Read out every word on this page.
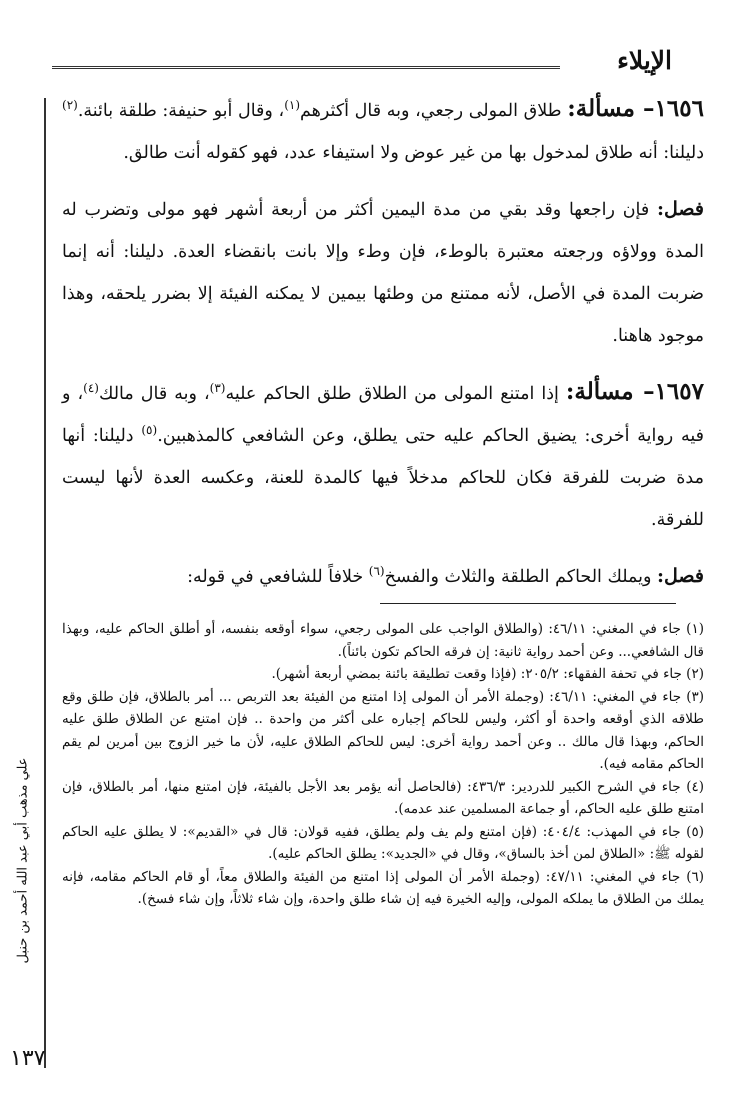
الإيلاء
علي مذهب أبي عبد الله أحمد بن حنبل

١٦٥٦– مسألة: طلاق المولى رجعي، وبه قال أكثرهم$^{(١)}$، وقال أبو حنيفة: طلقة بائنة.$^{(٢)}$ دليلنا: أنه طلاق لمدخول بها من غير عوض ولا استيفاء عدد، فهو كقوله أنت طالق.

فصل: فإن راجعها وقد بقي من مدة اليمين أكثر من أربعة أشهر فهو مولى وتضرب له المدة وولاؤه ورجعته معتبرة بالوطء، فإن وطء وإلا بانت بانقضاء العدة. دليلنا: أنه إنما ضربت المدة في الأصل، لأنه ممتنع من وطئها بيمين لا يمكنه الفيئة إلا بضرر يلحقه، وهذا موجود هاهنا.

١٦٥٧– مسألة: إذا امتنع المولى من الطلاق طلق الحاكم عليه$^{(٣)}$، وبه قال مالك$^{(٤)}$، و فيه رواية أخرى: يضيق الحاكم عليه حتى يطلق، وعن الشافعي كالمذهبين.$^{(٥)}$ دليلنا: أنها مدة ضربت للفرقة فكان للحاكم مدخلاً فيها كالمدة للعنة، وعكسه العدة لأنها ليست للفرقة.

فصل: ويملك الحاكم الطلقة والثلاث والفسخ$^{(٦)}$ خلافاً للشافعي في قوله:

(١) جاء في المغني: ٤٦/١١: (والطلاق الواجب على المولى رجعي، سواء أوقعه بنفسه، أو أطلق الحاكم عليه، وبهذا قال الشافعي... وعن أحمد رواية ثانية: إن فرقه الحاكم تكون بائناً).

(٢) جاء في تحفة الفقهاء: ٢٠٥/٢: (فإذا وقعت تطليقة بائنة بمضي أربعة أشهر).

(٣) جاء في المغني: ٤٦/١١: (وجملة الأمر أن المولى إذا امتنع من الفيئة بعد التربص ... أمر بالطلاق، فإن طلق وقع طلاقه الذي أوقعه واحدة أو أكثر، وليس للحاكم إجباره على أكثر من واحدة .. فإن امتنع عن الطلاق طلق عليه الحاكم، وبهذا قال مالك .. وعن أحمد رواية أخرى: ليس للحاكم الطلاق عليه، لأن ما خير الزوج بين أمرين لم يقم الحاكم مقامه فيه).

(٤) جاء في الشرح الكبير للدردير: ٤٣٦/٣: (فالحاصل أنه يؤمر بعد الأجل بالفيئة، فإن امتنع منها، أمر بالطلاق، فإن امتنع طلق عليه الحاكم، أو جماعة المسلمين عند عدمه).

(٥) جاء في المهذب: ٤٠٤/٤: (فإن امتنع ولم يف ولم يطلق، ففيه قولان: قال في «القديم»: لا يطلق عليه الحاكم لقوله ﷺ: «الطلاق لمن أخذ بالساق»، وقال في «الجديد»: يطلق الحاكم عليه).

(٦) جاء في المغني: ٤٧/١١: (وجملة الأمر أن المولى إذا امتنع من الفيئة والطلاق معاً، أو قام الحاكم مقامه، فإنه يملك من الطلاق ما يملكه المولى، وإليه الخيرة فيه إن شاء طلق واحدة، وإن شاء ثلاثاً، وإن شاء فسخ).

١٣٧
